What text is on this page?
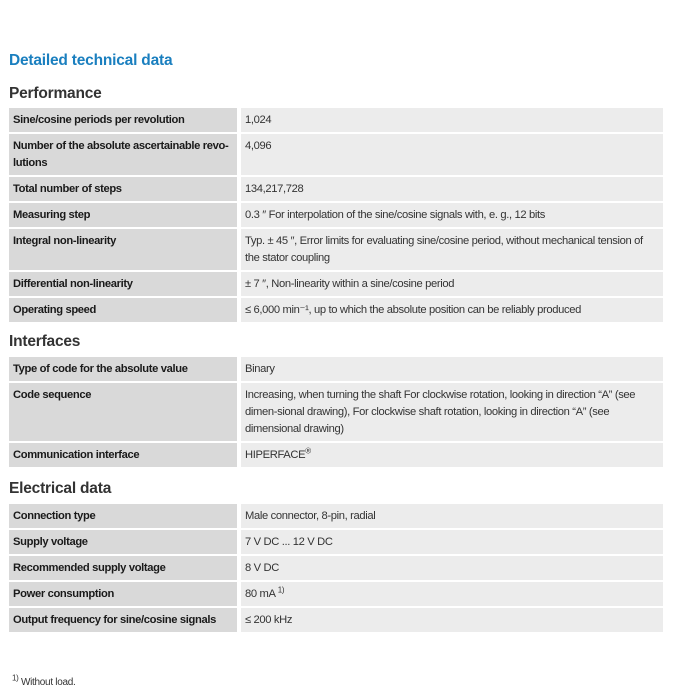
Detailed technical data
Performance
Sine/cosine periods per revolution	1,024
Number of the absolute ascertainable revo-lutions	4,096
Total number of steps	134,217,728
Measuring step	0.3 ″ For interpolation of the sine/cosine signals with, e. g., 12 bits
Integral non-linearity	Typ. ± 45 ″, Error limits for evaluating sine/cosine period, without mechanical tension of the stator coupling
Differential non-linearity	± 7 ″, Non-linearity within a sine/cosine period
Operating speed	≤ 6,000 min⁻¹, up to which the absolute position can be reliably produced
Interfaces
Type of code for the absolute value	Binary
Code sequence	Increasing, when turning the shaft For clockwise rotation, looking in direction “A” (see dimen-sional drawing), For clockwise shaft rotation, looking in direction “A” (see dimensional drawing)
Communication interface	HIPERFACE®
Electrical data
Connection type	Male connector, 8-pin, radial
Supply voltage	7 V DC ... 12 V DC
Recommended supply voltage	8 V DC
Power consumption	80 mA $^{1)}$
Output frequency for sine/cosine signals	≤ 200 kHz
$^{1)}$ Without load.
